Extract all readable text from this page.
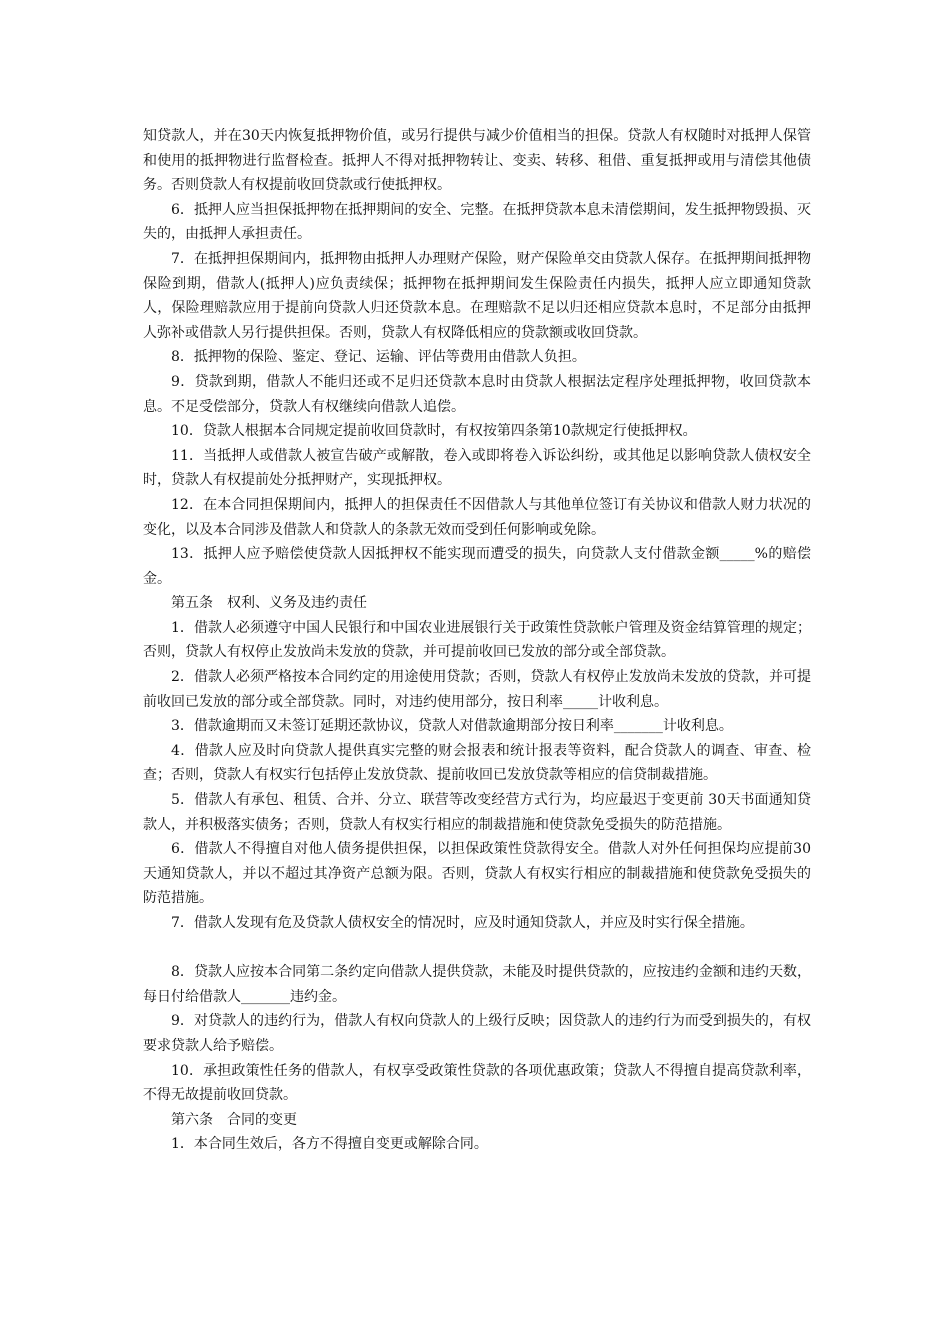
知贷款人，并在30天内恢复抵押物价值，或另行提供与减少价值相当的担保。贷款人有权随时对抵押人保管和使用的抵押物进行监督检查。抵押人不得对抵押物转让、变卖、转移、租借、重复抵押或用与清偿其他债务。否则贷款人有权提前收回贷款或行使抵押权。

6．抵押人应当担保抵押物在抵押期间的安全、完整。在抵押贷款本息未清偿期间，发生抵押物毁损、灭失的，由抵押人承担责任。

7．在抵押担保期间内，抵押物由抵押人办理财产保险，财产保险单交由贷款人保存。在抵押期间抵押物保险到期，借款人(抵押人)应负责续保；抵押物在抵押期间发生保险责任内损失，抵押人应立即通知贷款人，保险理赔款应用于提前向贷款人归还贷款本息。在理赔款不足以归还相应贷款本息时，不足部分由抵押人弥补或借款人另行提供担保。否则，贷款人有权降低相应的贷款额或收回贷款。

8．抵押物的保险、鉴定、登记、运输、评估等费用由借款人负担。

9．贷款到期，借款人不能归还或不足归还贷款本息时由贷款人根据法定程序处理抵押物，收回贷款本息。不足受偿部分，贷款人有权继续向借款人追偿。

10．贷款人根据本合同规定提前收回贷款时，有权按第四条第10款规定行使抵押权。

11．当抵押人或借款人被宣告破产或解散，卷入或即将卷入诉讼纠纷，或其他足以影响贷款人债权安全时，贷款人有权提前处分抵押财产，实现抵押权。

12．在本合同担保期间内，抵押人的担保责任不因借款人与其他单位签订有关协议和借款人财力状况的变化，以及本合同涉及借款人和贷款人的条款无效而受到任何影响或免除。

13．抵押人应予赔偿使贷款人因抵押权不能实现而遭受的损失，向贷款人支付借款金额_____%的赔偿金。

第五条　权利、义务及违约责任

1．借款人必须遵守中国人民银行和中国农业进展银行关于政策性贷款帐户管理及资金结算管理的规定；否则，贷款人有权停止发放尚未发放的贷款，并可提前收回已发放的部分或全部贷款。

2．借款人必须严格按本合同约定的用途使用贷款；否则，贷款人有权停止发放尚未发放的贷款，并可提前收回已发放的部分或全部贷款。同时，对违约使用部分，按日利率_____计收利息。

3．借款逾期而又未签订延期还款协议，贷款人对借款逾期部分按日利率_______计收利息。

4．借款人应及时向贷款人提供真实完整的财会报表和统计报表等资料，配合贷款人的调查、审查、检查；否则，贷款人有权实行包括停止发放贷款、提前收回已发放贷款等相应的信贷制裁措施。

5．借款人有承包、租赁、合并、分立、联营等改变经营方式行为，均应最迟于变更前 30天书面通知贷款人，并积极落实债务；否则，贷款人有权实行相应的制裁措施和使贷款免受损失的防范措施。

6．借款人不得擅自对他人债务提供担保，以担保政策性贷款得安全。借款人对外任何担保均应提前30天通知贷款人，并以不超过其净资产总额为限。否则，贷款人有权实行相应的制裁措施和使贷款免受损失的防范措施。

7．借款人发现有危及贷款人债权安全的情况时，应及时通知贷款人，并应及时实行保全措施。

8．贷款人应按本合同第二条约定向借款人提供贷款，未能及时提供贷款的，应按违约金额和违约天数，每日付给借款人_______违约金。

9．对贷款人的违约行为，借款人有权向贷款人的上级行反映；因贷款人的违约行为而受到损失的，有权要求贷款人给予赔偿。

10．承担政策性任务的借款人，有权享受政策性贷款的各项优惠政策；贷款人不得擅自提高贷款利率，不得无故提前收回贷款。

第六条　合同的变更

1．本合同生效后，各方不得擅自变更或解除合同。
